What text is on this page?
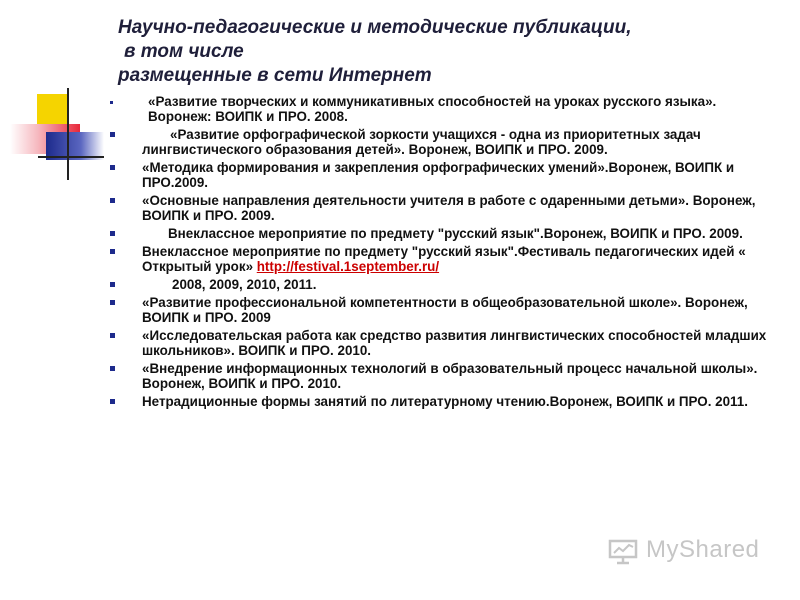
Научно-педагогические и методические публикации,
в том числе
размещенные в сети Интернет
«Развитие творческих и коммуникативных способностей на уроках русского языка». Воронеж: ВОИПК и ПРО. 2008.
«Развитие орфографической зоркости учащихся - одна из приоритетных задач лингвистического образования детей». Воронеж, ВОИПК и ПРО. 2009.
«Методика формирования и закрепления орфографических умений».Воронеж, ВОИПК и ПРО.2009.
«Основные направления деятельности учителя в работе с одаренными детьми». Воронеж, ВОИПК и ПРО. 2009.
Внеклассное мероприятие по предмету "русский язык".Воронеж, ВОИПК и ПРО. 2009.
Внеклассное мероприятие по предмету "русский язык".Фестиваль педагогических идей « Открытый урок» http://festival.1september.ru/
2008, 2009, 2010, 2011.
«Развитие профессиональной компетентности в общеобразовательной школе». Воронеж, ВОИПК и ПРО. 2009
«Исследовательская работа как средство развития лингвистических способностей младших школьников». ВОИПК и ПРО. 2010.
«Внедрение информационных технологий в образовательный процесс начальной школы». Воронеж, ВОИПК и ПРО. 2010.
Нетрадиционные формы занятий по литературному чтению.Воронеж, ВОИПК и ПРО. 2011.
MyShared
